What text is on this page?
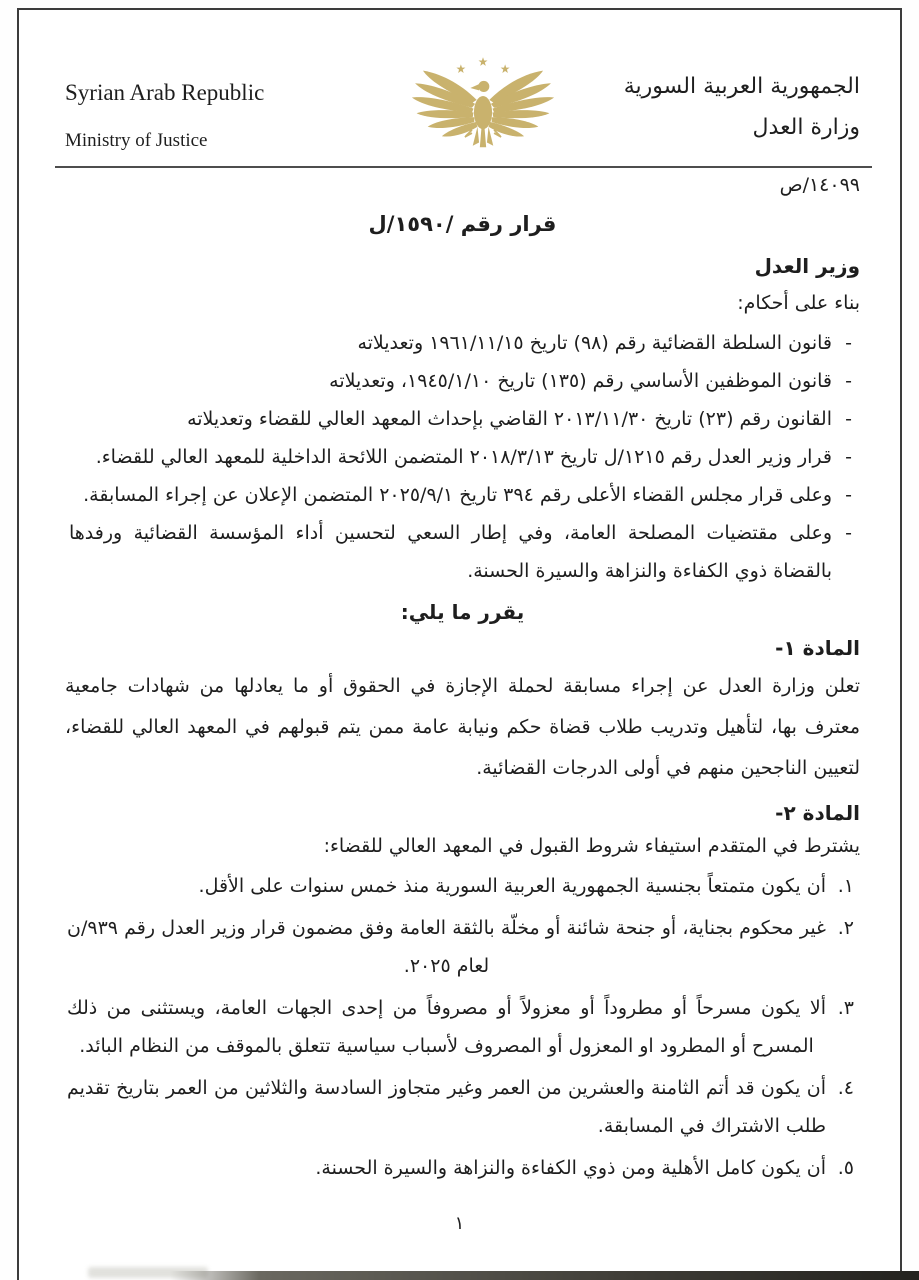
Syrian Arab Republic
Ministry of Justice
الجمهورية العربية السورية
وزارة العدل
١٤٠٩٩/ص
قرار رقم /١٥٩٠/ل
وزير العدل
بناء على أحكام:
-
قانون السلطة القضائية رقم (٩٨) تاريخ ١٩٦١/١١/١٥ وتعديلاته
-
قانون الموظفين الأساسي رقم (١٣٥) تاريخ ١٩٤٥/١/١٠، وتعديلاته
-
القانون رقم (٢٣) تاريخ ٢٠١٣/١١/٣٠ القاضي بإحداث المعهد العالي للقضاء وتعديلاته
-
قرار وزير العدل رقم ١٢١٥/ل تاريخ ٢٠١٨/٣/١٣ المتضمن اللائحة الداخلية للمعهد العالي للقضاء.
-
وعلى قرار مجلس القضاء الأعلى رقم ٣٩٤ تاريخ ٢٠٢٥/٩/١ المتضمن الإعلان عن إجراء المسابقة.
-
وعلى مقتضيات المصلحة العامة، وفي إطار السعي لتحسين أداء المؤسسة القضائية ورفدها بالقضاة ذوي الكفاءة والنزاهة والسيرة الحسنة.
يقرر ما يلي:
المادة ١-

تعلن وزارة العدل عن إجراء مسابقة لحملة الإجازة في الحقوق أو ما يعادلها من شهادات جامعية معترف بها، لتأهيل وتدريب طلاب قضاة حكم ونيابة عامة ممن يتم قبولهم في المعهد العالي للقضاء، لتعيين الناجحين منهم في أولى الدرجات القضائية.

المادة ٢-
يشترط في المتقدم استيفاء شروط القبول في المعهد العالي للقضاء:
١.
أن يكون متمتعاً بجنسية الجمهورية العربية السورية منذ خمس سنوات على الأقل.
٢.
غير محكوم بجناية، أو جنحة شائنة أو مخلّة بالثقة العامة وفق مضمون قرار وزير العدل رقم ٩٣٩/ن لعام ٢٠٢٥.
٣.
ألا يكون مسرحاً أو مطروداً أو معزولاً أو مصروفاً من إحدى الجهات العامة، ويستثنى من ذلك المسرح أو المطرود او المعزول أو المصروف لأسباب سياسية تتعلق بالموقف من النظام البائد.
٤.
أن يكون قد أتم الثامنة والعشرين من العمر وغير متجاوز السادسة والثلاثين من العمر بتاريخ تقديم طلب الاشتراك في المسابقة.
٥.
أن يكون كامل الأهلية ومن ذوي الكفاءة والنزاهة والسيرة الحسنة.
١
